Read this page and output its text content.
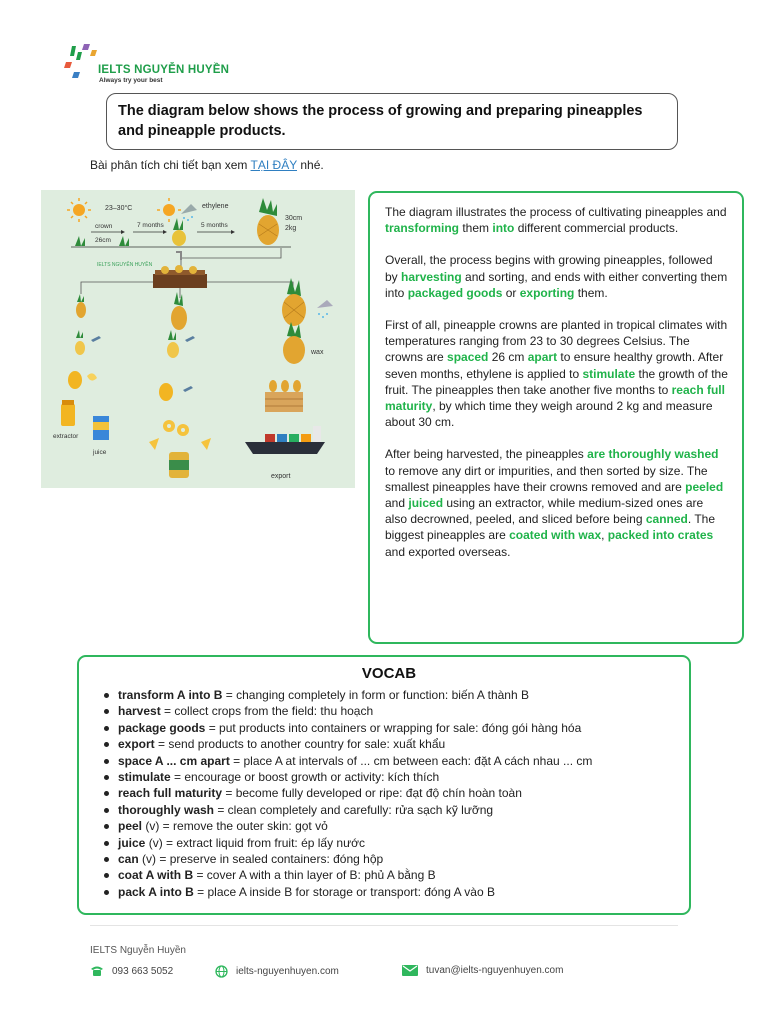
IELTS NGUYỄN HUYỀN
Always try your best
The diagram below shows the process of growing and preparing pineapples and pineapple products.
Bài phân tích chi tiết bạn xem TẠI ĐÂY nhé.
23–30°C	ethylene
crown	7 months	5 months
26cm
30cm
2kg
IELTS NGUYỄN HUYỀN
extractor
juice
wax
export

The diagram illustrates the process of cultivating pineapples and transforming them into different commercial products.

Overall, the process begins with growing pineapples, followed by harvesting and sorting, and ends with either converting them into packaged goods or exporting them.

First of all, pineapple crowns are planted in tropical climates with temperatures ranging from 23 to 30 degrees Celsius. The crowns are spaced 26 cm apart to ensure healthy growth. After seven months, ethylene is applied to stimulate the growth of the fruit. The pineapples then take another five months to reach full maturity, by which time they weigh around 2 kg and measure about 30 cm.

After being harvested, the pineapples are thoroughly washed to remove any dirt or impurities, and then sorted by size. The smallest pineapples have their crowns removed and are peeled and juiced using an extractor, while medium-sized ones are also decrowned, peeled, and sliced before being canned. The biggest pineapples are coated with wax, packed into crates and exported overseas.

VOCAB
transform A into B = changing completely in form or function: biến A thành B
harvest = collect crops from the field: thu hoạch
package goods = put products into containers or wrapping for sale: đóng gói hàng hóa
export = send products to another country for sale: xuất khẩu
space A ... cm apart = place A at intervals of ... cm between each: đặt A cách nhau ... cm
stimulate = encourage or boost growth or activity: kích thích
reach full maturity = become fully developed or ripe: đạt độ chín hoàn toàn
thoroughly wash = clean completely and carefully: rửa sạch kỹ lưỡng
peel (v) = remove the outer skin: gọt vỏ
juice (v) = extract liquid from fruit: ép lấy nước
can (v) = preserve in sealed containers: đóng hộp
coat A with B = cover A with a thin layer of B: phủ A bằng B
pack A into B = place A inside B for storage or transport: đóng A vào B
IELTS Nguyễn Huyền
093 663 5052	ielts-nguyenhuyen.com	tuvan@ielts-nguyenhuyen.com
